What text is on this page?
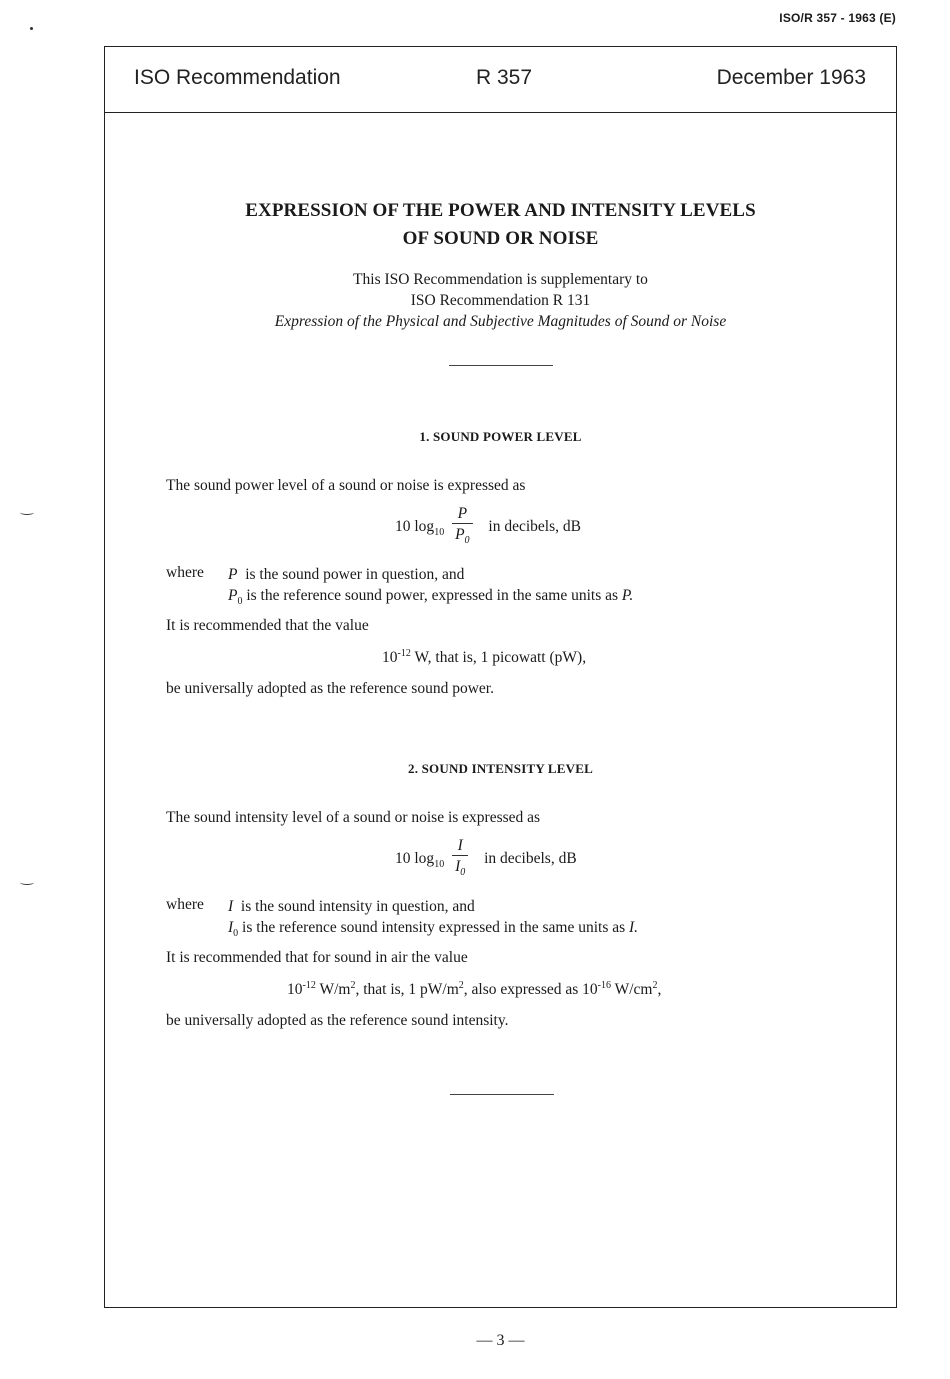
ISO/R 357 - 1963 (E)
ISO Recommendation	R 357	December 1963
EXPRESSION OF THE POWER AND INTENSITY LEVELS
OF SOUND OR NOISE
This ISO Recommendation is supplementary to
ISO Recommendation R 131
Expression of the Physical and Subjective Magnitudes of Sound or Noise
1. SOUND POWER LEVEL
The sound power level of a sound or noise is expressed as
10 $\log_{10} \frac{P}{P_0}$ in decibels, dB
where P is the sound power in question, and
$P_0$ is the reference sound power, expressed in the same units as P.
It is recommended that the value
$10^{-12}$ W, that is, 1 picowatt (pW),
be universally adopted as the reference sound power.
2. SOUND INTENSITY LEVEL
The sound intensity level of a sound or noise is expressed as
10 $\log_{10} \frac{I}{I_0}$ in decibels, dB
where I is the sound intensity in question, and
$I_0$ is the reference sound intensity expressed in the same units as I.
It is recommended that for sound in air the value
$10^{-12}$ $W/m^2$, that is, 1 $pW/m^2$, also expressed as $10^{-16}$ $W/cm^2$,
be universally adopted as the reference sound intensity.
— 3 —
